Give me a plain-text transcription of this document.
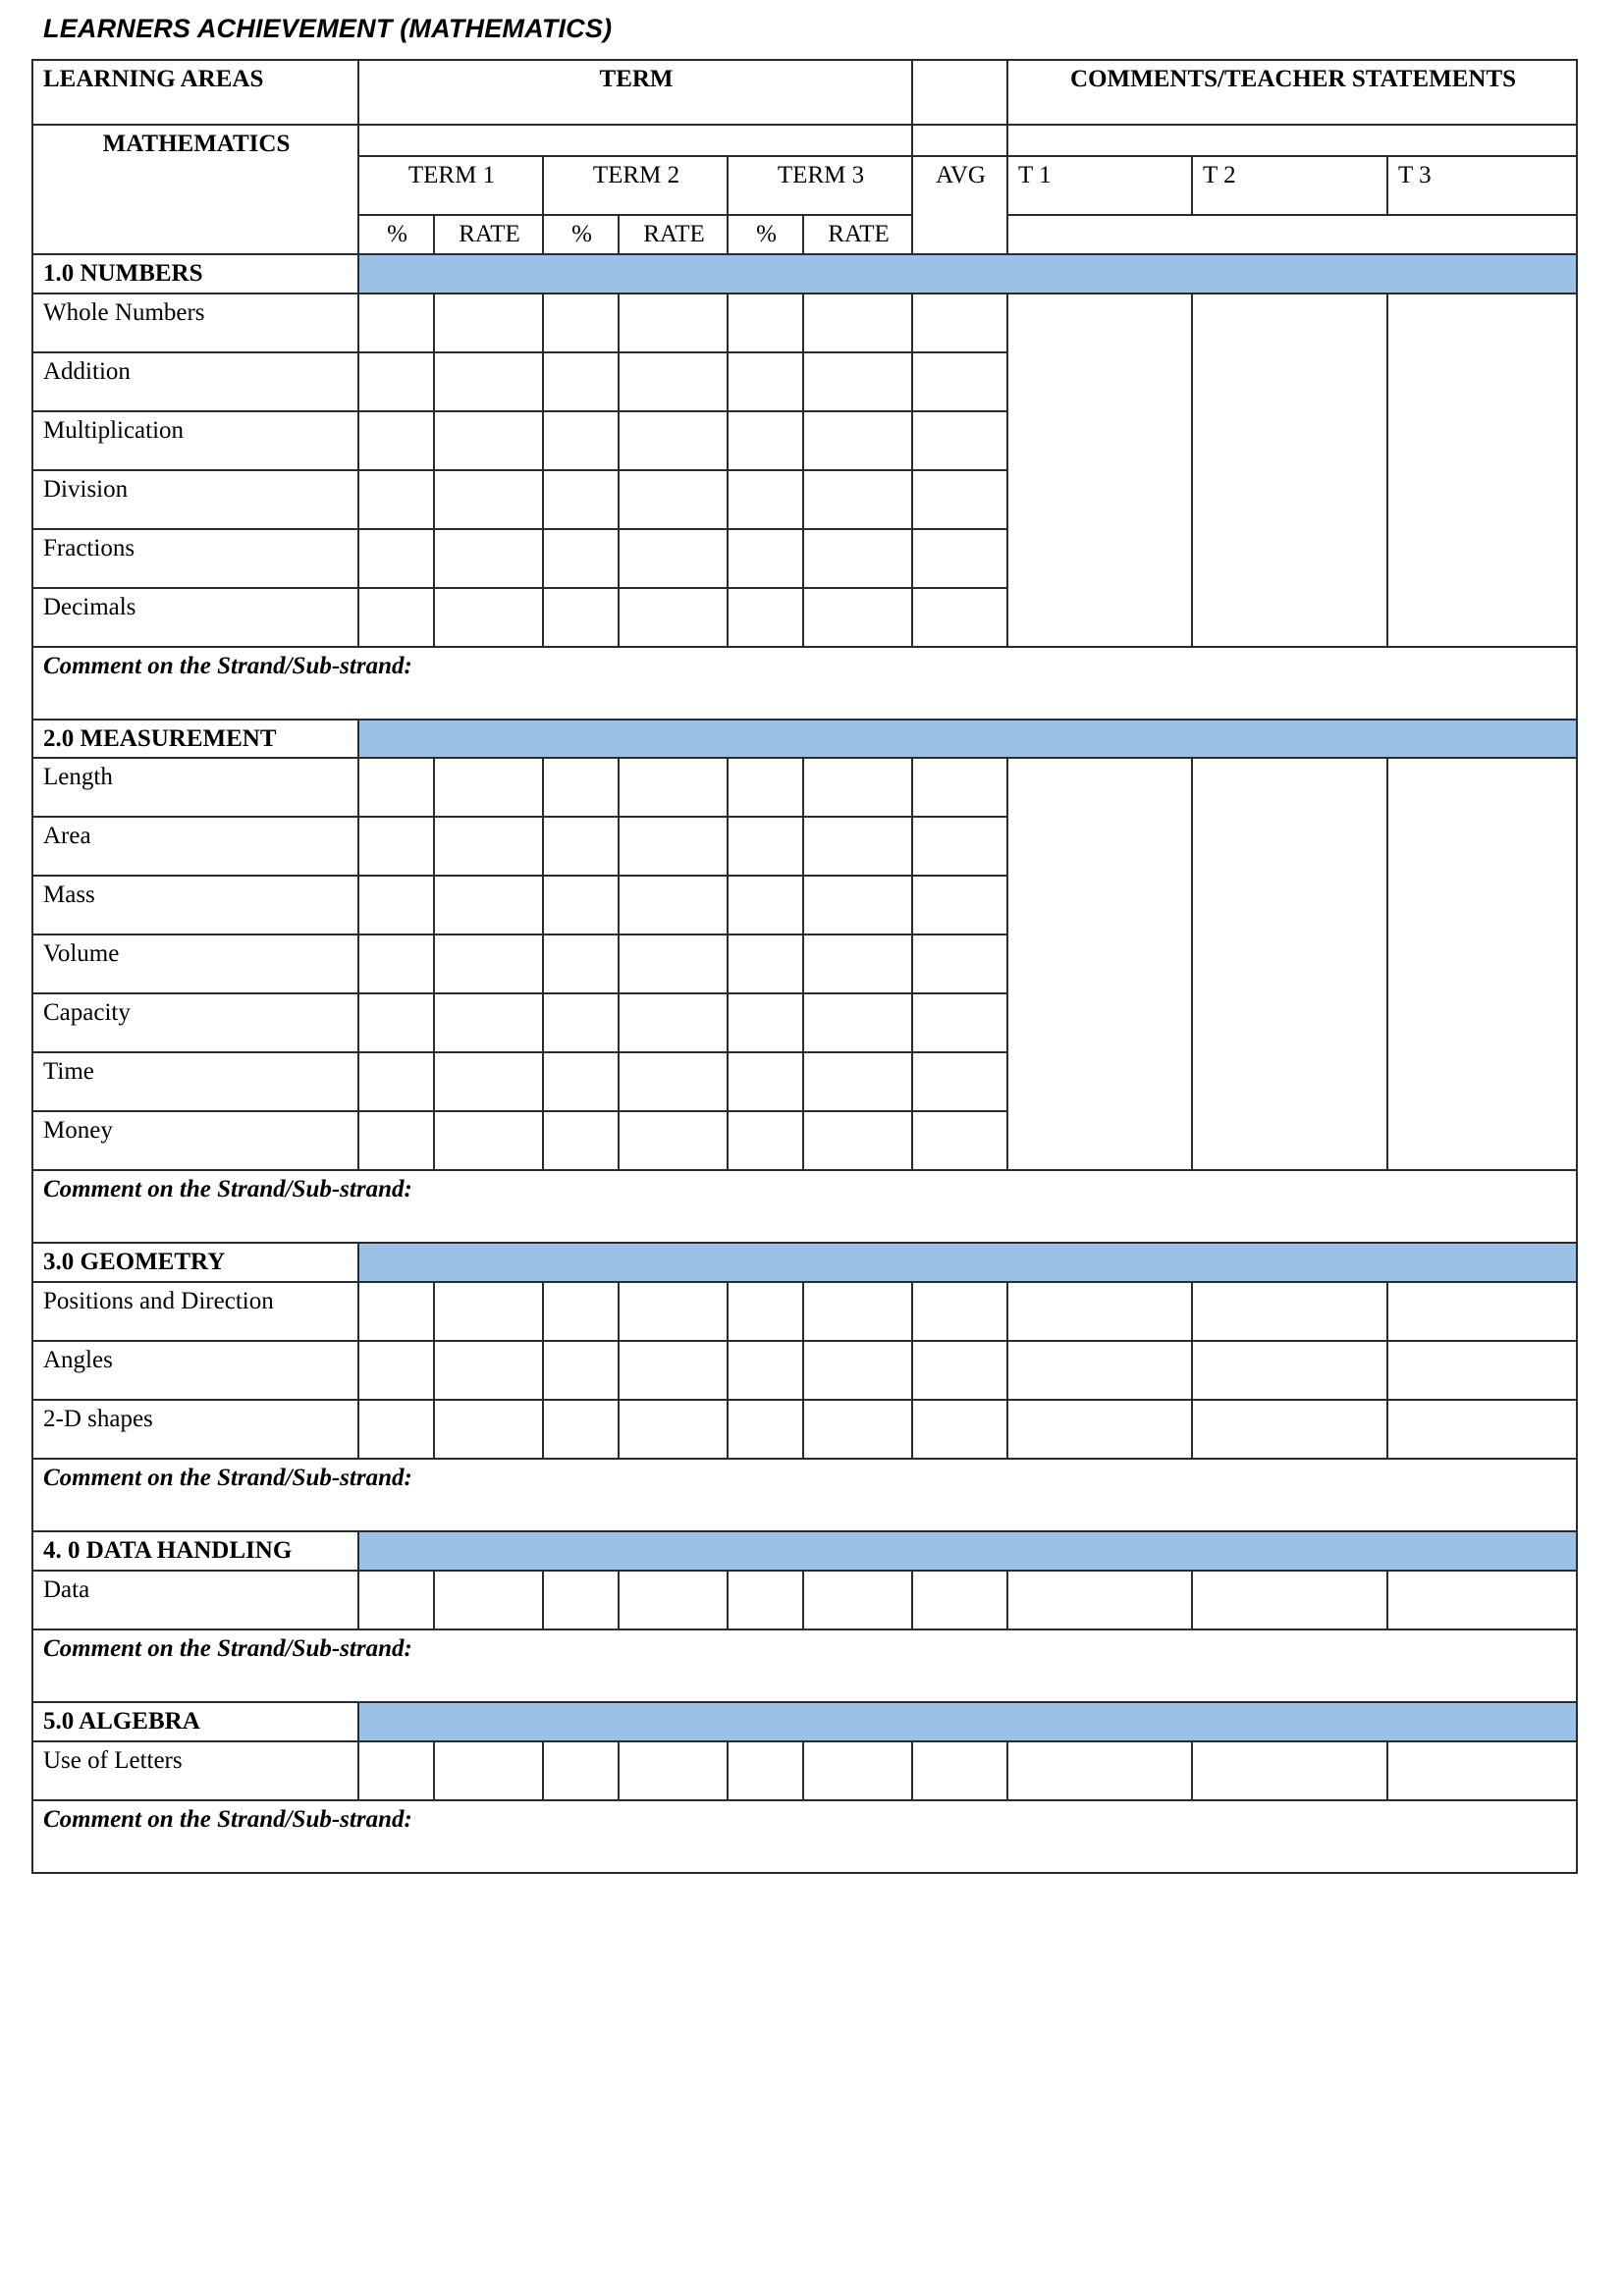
LEARNERS ACHIEVEMENT (MATHEMATICS)
LEARNING AREAS	TERM							COMMENTS/TEACHER STATEMENTS		

MATHEMATICS										

	TERM 1		TERM 2		TERM 3		AVG	T 1	T 2	T 3

	%	RATE	%	RATE	%	RATE				

1.0 NUMBERS										

Whole Numbers										

Addition										

Multiplication										

Division										

Fractions										

Decimals										

Comment on the Strand/Sub-strand:										

2.0 MEASUREMENT										

Length										

Area										

Mass										

Volume										

Capacity										

Time										

Money										

Comment on the Strand/Sub-strand:										

3.0 GEOMETRY										

Positions and Direction										

Angles										

2-D shapes										

Comment on the Strand/Sub-strand:										

4. 0 DATA HANDLING										

Data										

Comment on the Strand/Sub-strand:										

5.0 ALGEBRA										

Use of Letters										

Comment on the Strand/Sub-strand:										
